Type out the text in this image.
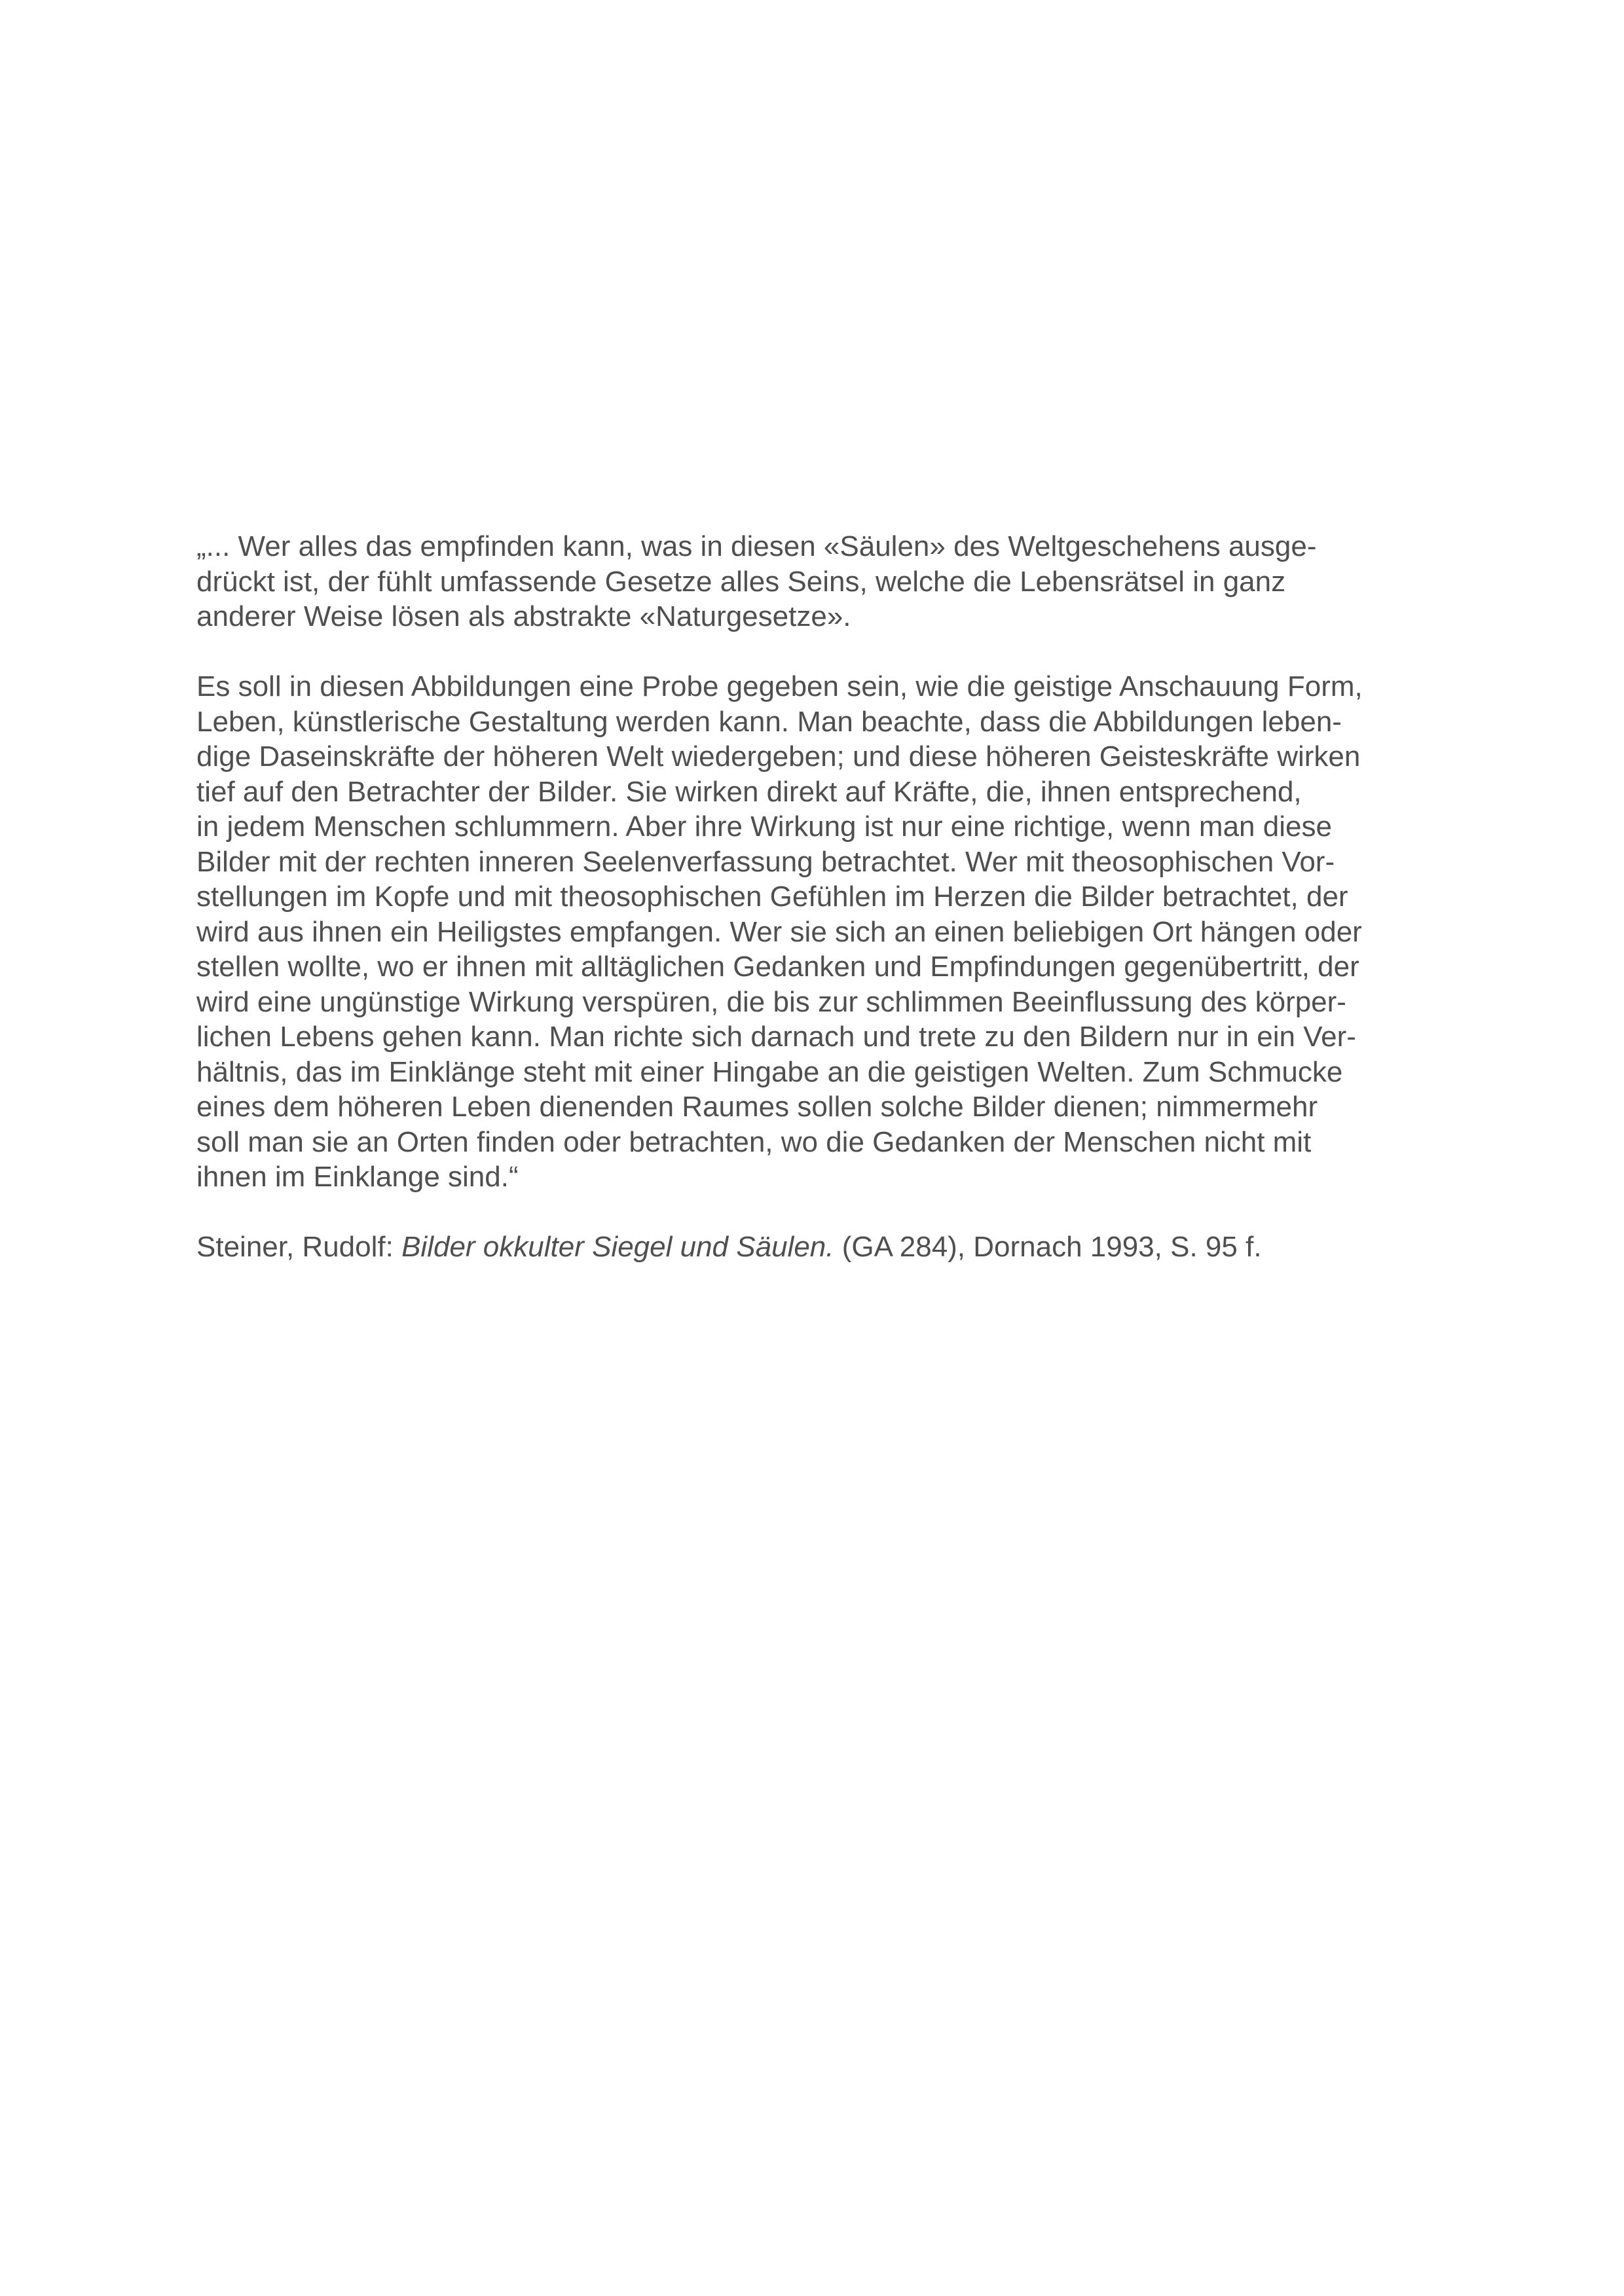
„... Wer alles das empfinden kann, was in diesen «Säulen» des Weltgeschehens ausge-
drückt ist, der fühlt umfassende Gesetze alles Seins, welche die Lebensrätsel in ganz
anderer Weise lösen als abstrakte «Naturgesetze».
Es soll in diesen Abbildungen eine Probe gegeben sein, wie die geistige Anschauung Form,
Leben, künstlerische Gestaltung werden kann. Man beachte, dass die Abbildungen leben-
dige Daseinskräfte der höheren Welt wiedergeben; und diese höheren Geisteskräfte wirken
tief auf den Betrachter der Bilder. Sie wirken direkt auf Kräfte, die, ihnen entsprechend,
in jedem Menschen schlummern. Aber ihre Wirkung ist nur eine richtige, wenn man diese
Bilder mit der rechten inneren Seelenverfassung betrachtet. Wer mit theosophischen Vor-
stellungen im Kopfe und mit theosophischen Gefühlen im Herzen die Bilder betrachtet, der
wird aus ihnen ein Heiligstes empfangen. Wer sie sich an einen beliebigen Ort hängen oder
stellen wollte, wo er ihnen mit alltäglichen Gedanken und Empfindungen gegenübertritt, der
wird eine ungünstige Wirkung verspüren, die bis zur schlimmen Beeinflussung des körper-
lichen Lebens gehen kann. Man richte sich darnach und trete zu den Bildern nur in ein Ver-
hältnis, das im Einklänge steht mit einer Hingabe an die geistigen Welten. Zum Schmucke
eines dem höheren Leben dienenden Raumes sollen solche Bilder dienen; nimmermehr
soll man sie an Orten finden oder betrachten, wo die Gedanken der Menschen nicht mit
ihnen im Einklange sind.“
Steiner, Rudolf: Bilder okkulter Siegel und Säulen. (GA 284), Dornach 1993, S. 95 f.
